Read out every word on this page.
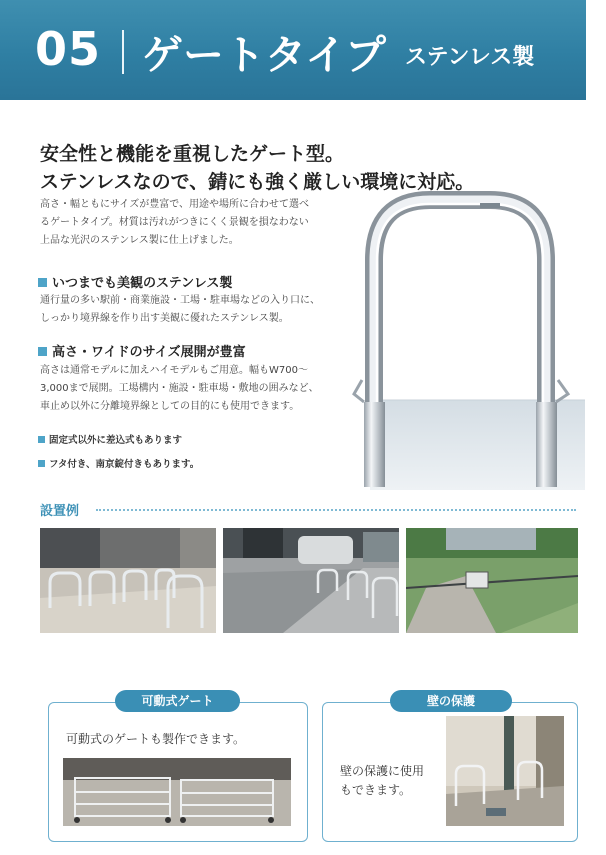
05 ゲートタイプ ステンレス製
安全性と機能を重視したゲート型。
ステンレスなので、錆にも強く厳しい環境に対応。
高さ・幅ともにサイズが豊富で、用途や場所に合わせて選べるゲートタイプ。材質は汚れがつきにくく景観を損なわない上品な光沢のステンレス製に仕上げました。
いつまでも美観のステンレス製
通行量の多い駅前・商業施設・工場・駐車場などの入り口に、しっかり境界線を作り出す美観に優れたステンレス製。
高さ・ワイドのサイズ展開が豊富
高さは通常モデルに加えハイモデルもご用意。幅もW700～3,000まで展開。工場構内・施設・駐車場・敷地の囲みなど、車止め以外に分離境界線としての目的にも使用できます。
固定式以外に差込式もあります
フタ付き、南京錠付きもあります。
設置例
可動式ゲート
可動式のゲートも製作できます。
壁の保護
壁の保護に使用
もできます。
